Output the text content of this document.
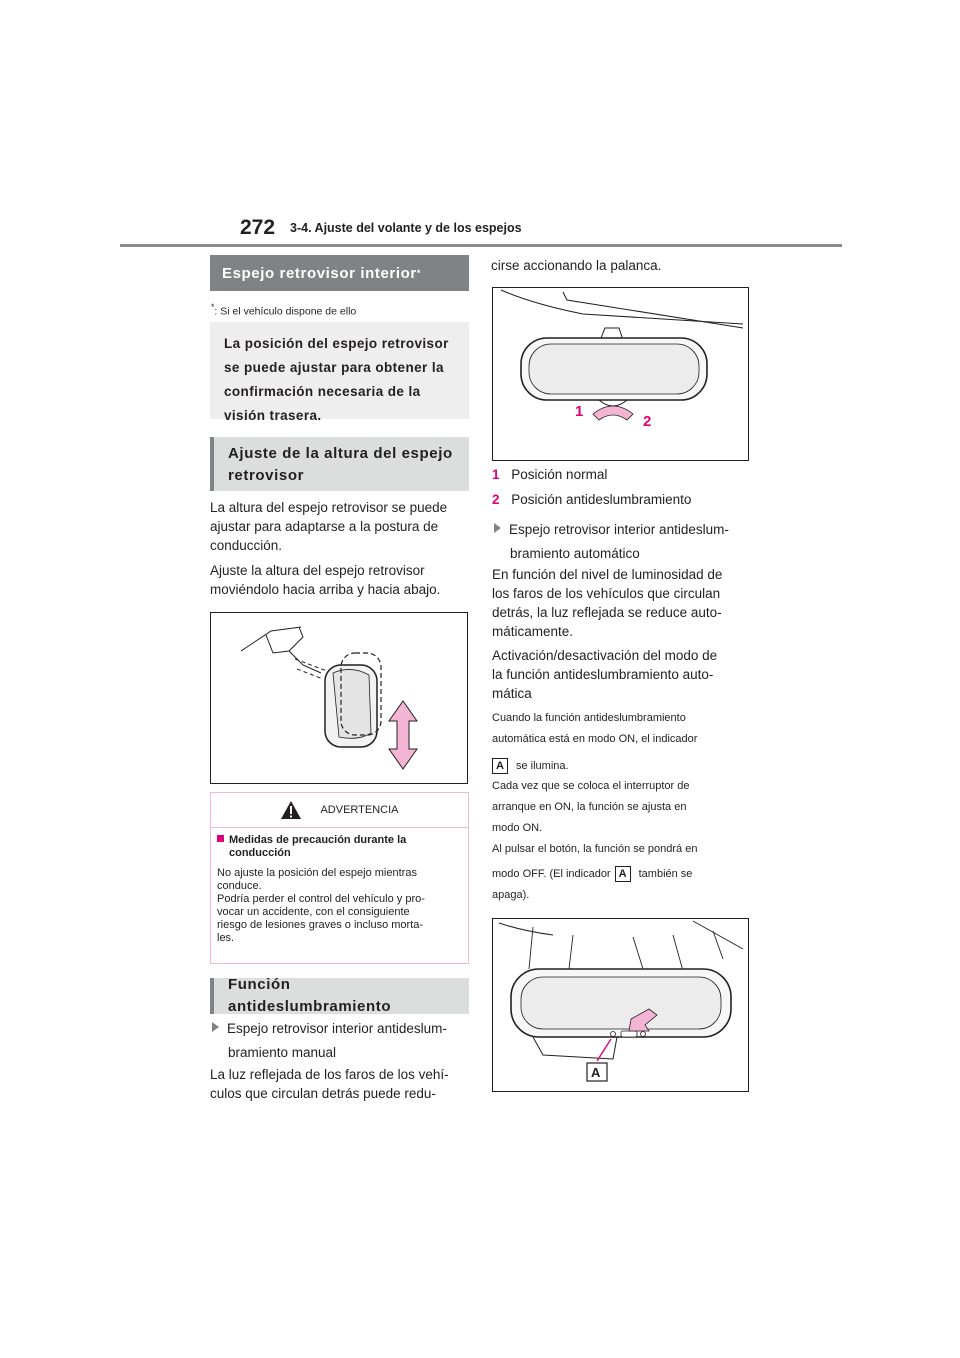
272 3-4. Ajuste del volante y de los espejos
Espejo retrovisor interior *
*: Si el vehículo dispone de ello
La posición del espejo retrovisor
se puede ajustar para obtener la
confirmación necesaria de la
visión trasera.
Ajuste de la altura del espejo
retrovisor
La altura del espejo retrovisor se puede
ajustar para adaptarse a la postura de
conducción.
Ajuste la altura del espejo retrovisor
moviéndolo hacia arriba y hacia abajo.
ADVERTENCIA
Medidas de precaución durante la
conducción
No ajuste la posición del espejo mientras
conduce.
Podría perder el control del vehículo y pro-
vocar un accidente, con el consiguiente
riesgo de lesiones graves o incluso morta-
les.
Función antideslumbramiento
Espejo retrovisor interior antideslum-
bramiento manual
La luz reflejada de los faros de los vehí-
culos que circulan detrás puede redu-
cirse accionando la palanca.
1
2
1 Posición normal
2 Posición antideslumbramiento
Espejo retrovisor interior antideslum-
bramiento automático
En función del nivel de luminosidad de
los faros de los vehículos que circulan
detrás, la luz reflejada se reduce auto-
máticamente.
Activación/desactivación del modo de
la función antideslumbramiento auto-
mática
Cuando la función antideslumbramiento
automática está en modo ON, el indicador
A se ilumina.
Cada vez que se coloca el interruptor de
arranque en ON, la función se ajusta en
modo ON.
Al pulsar el botón, la función se pondrá en
modo OFF. (El indicador A también se
apaga).
A
